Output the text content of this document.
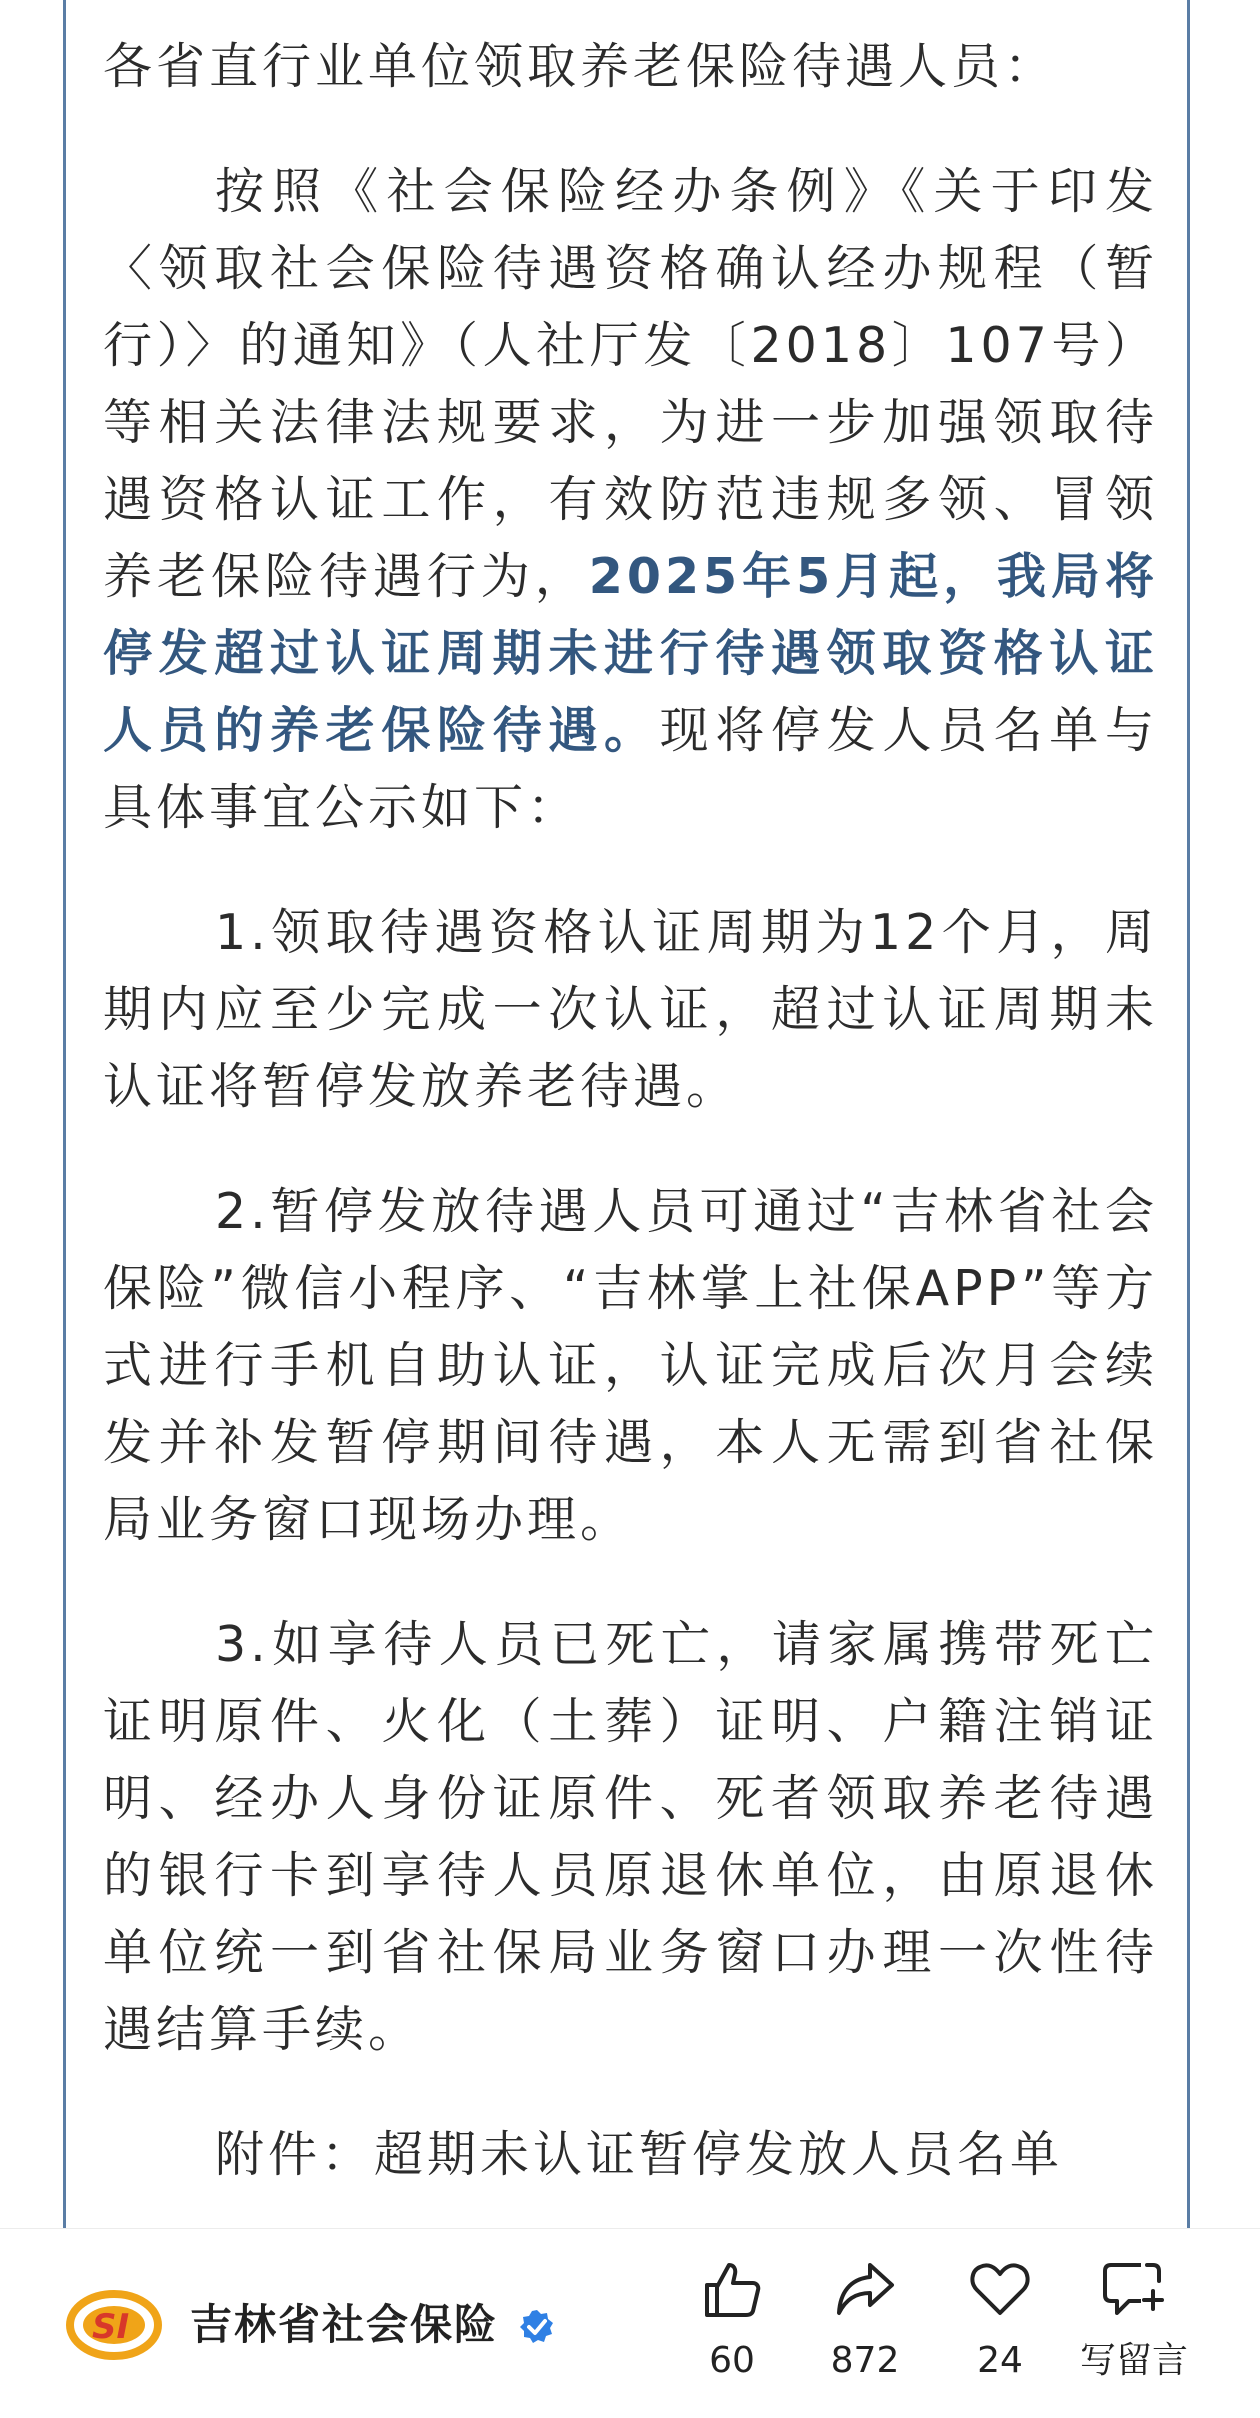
各省直行业单位领取养老保险待遇人员：

按照《社会保险经办条例》《关于印发〈领取社会保险待遇资格确认经办规程（暂行）〉的通知》（人社厅发〔2018〕107号）等相关法律法规要求，为进一步加强领取待遇资格认证工作，有效防范违规多领、冒领养老保险待遇行为，2025年5月起，我局将停发超过认证周期未进行待遇领取资格认证人员的养老保险待遇。现将停发人员名单与具体事宜公示如下：

1.领取待遇资格认证周期为12个月，周期内应至少完成一次认证，超过认证周期未认证将暂停发放养老待遇。

2.暂停发放待遇人员可通过“吉林省社会保险”微信小程序、“吉林掌上社保APP”等方式进行手机自助认证，认证完成后次月会续发并补发暂停期间待遇，本人无需到省社保局业务窗口现场办理。

3.如享待人员已死亡，请家属携带死亡证明原件、火化（土葬）证明、户籍注销证明、经办人身份证原件、死者领取养老待遇的银行卡到享待人员原退休单位，由原退休单位统一到省社保局业务窗口办理一次性待遇结算手续。

附件：超期未认证暂停发放人员名单

SI 吉林省社会保险
60	872	24	写留言
